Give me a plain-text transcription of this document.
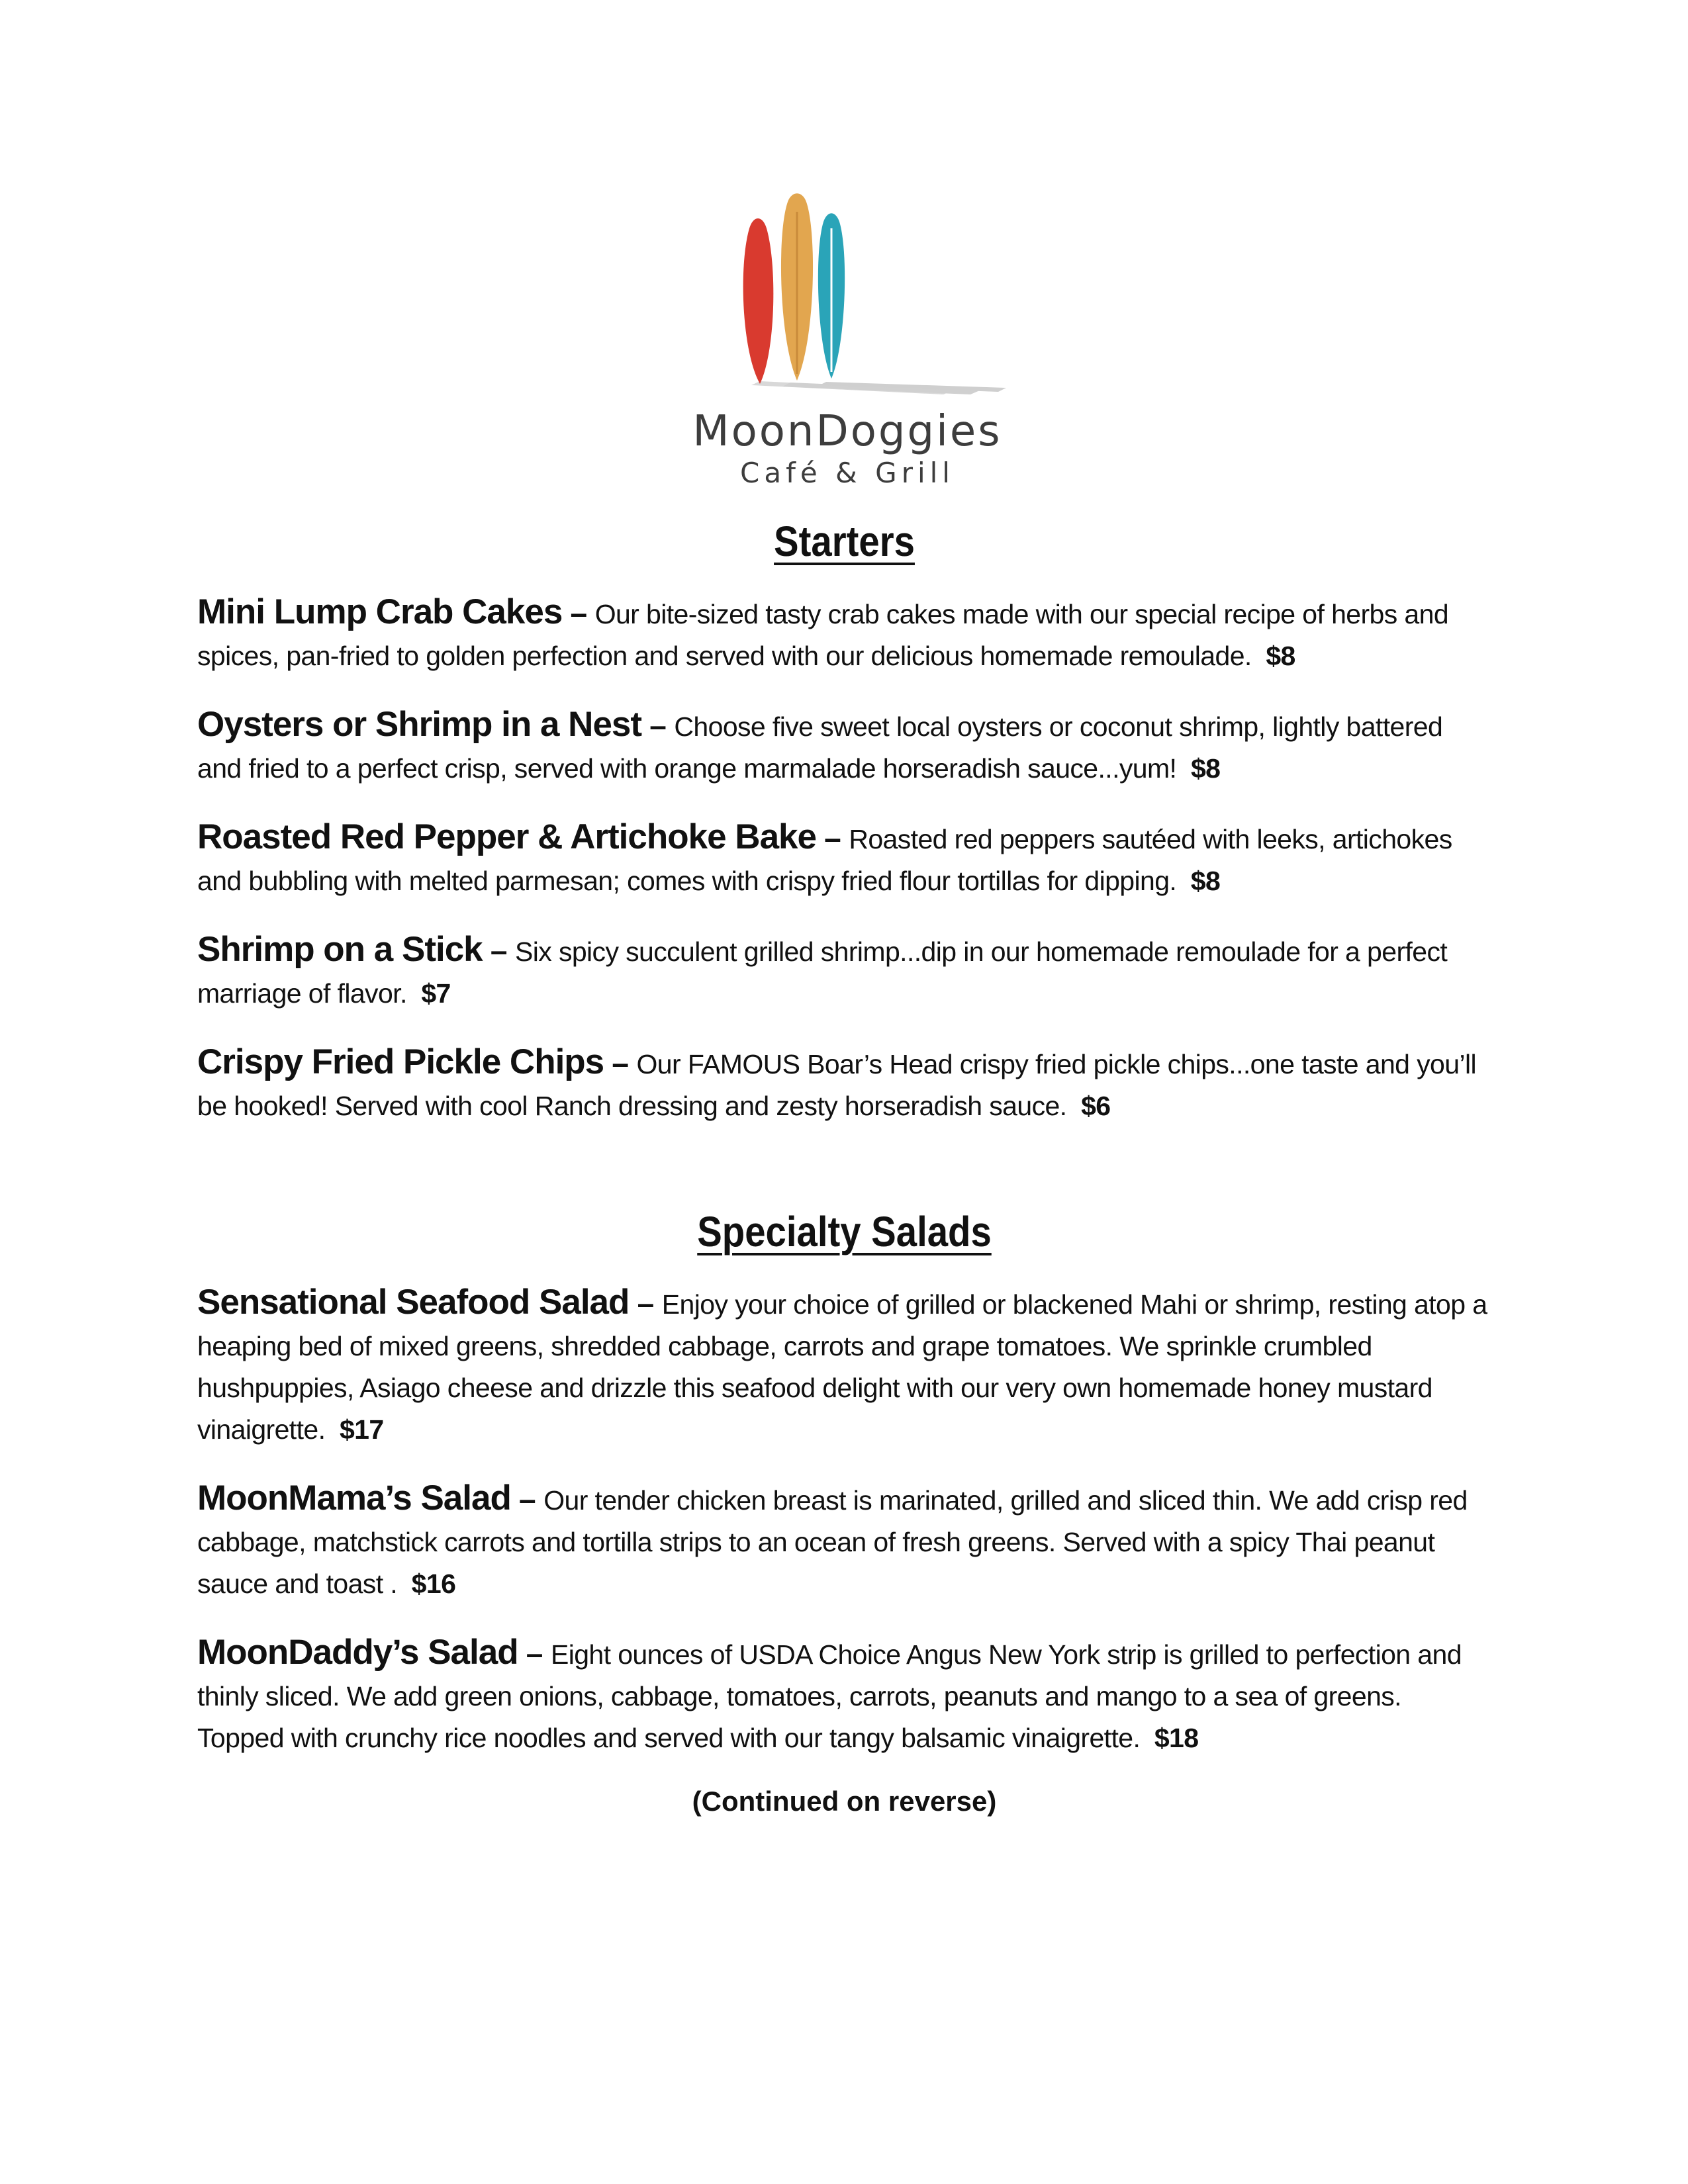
MoonDoggies
Café & Grill
Starters

Mini Lump Crab Cakes – Our bite-sized tasty crab cakes made with our special recipe of herbs and spices, pan-fried to golden perfection and served with our delicious homemade remoulade. $8

Oysters or Shrimp in a Nest – Choose five sweet local oysters or coconut shrimp, lightly battered and fried to a perfect crisp, served with orange marmalade horseradish sauce...yum! $8

Roasted Red Pepper & Artichoke Bake – Roasted red peppers sautéed with leeks, artichokes and bubbling with melted parmesan; comes with crispy fried flour tortillas for dipping. $8

Shrimp on a Stick – Six spicy succulent grilled shrimp...dip in our homemade remoulade for a perfect marriage of flavor. $7

Crispy Fried Pickle Chips – Our FAMOUS Boar’s Head crispy fried pickle chips...one taste and you’ll be hooked! Served with cool Ranch dressing and zesty horseradish sauce. $6

Specialty Salads

Sensational Seafood Salad – Enjoy your choice of grilled or blackened Mahi or shrimp, resting atop a heaping bed of mixed greens, shredded cabbage, carrots and grape tomatoes. We sprinkle crumbled hushpuppies, Asiago cheese and drizzle this seafood delight with our very own homemade honey mustard vinaigrette. $17

MoonMama’s Salad – Our tender chicken breast is marinated, grilled and sliced thin. We add crisp red cabbage, matchstick carrots and tortilla strips to an ocean of fresh greens. Served with a spicy Thai peanut sauce and toast . $16

MoonDaddy’s Salad – Eight ounces of USDA Choice Angus New York strip is grilled to perfection and thinly sliced. We add green onions, cabbage, tomatoes, carrots, peanuts and mango to a sea of greens. Topped with crunchy rice noodles and served with our tangy balsamic vinaigrette. $18

(Continued on reverse)
